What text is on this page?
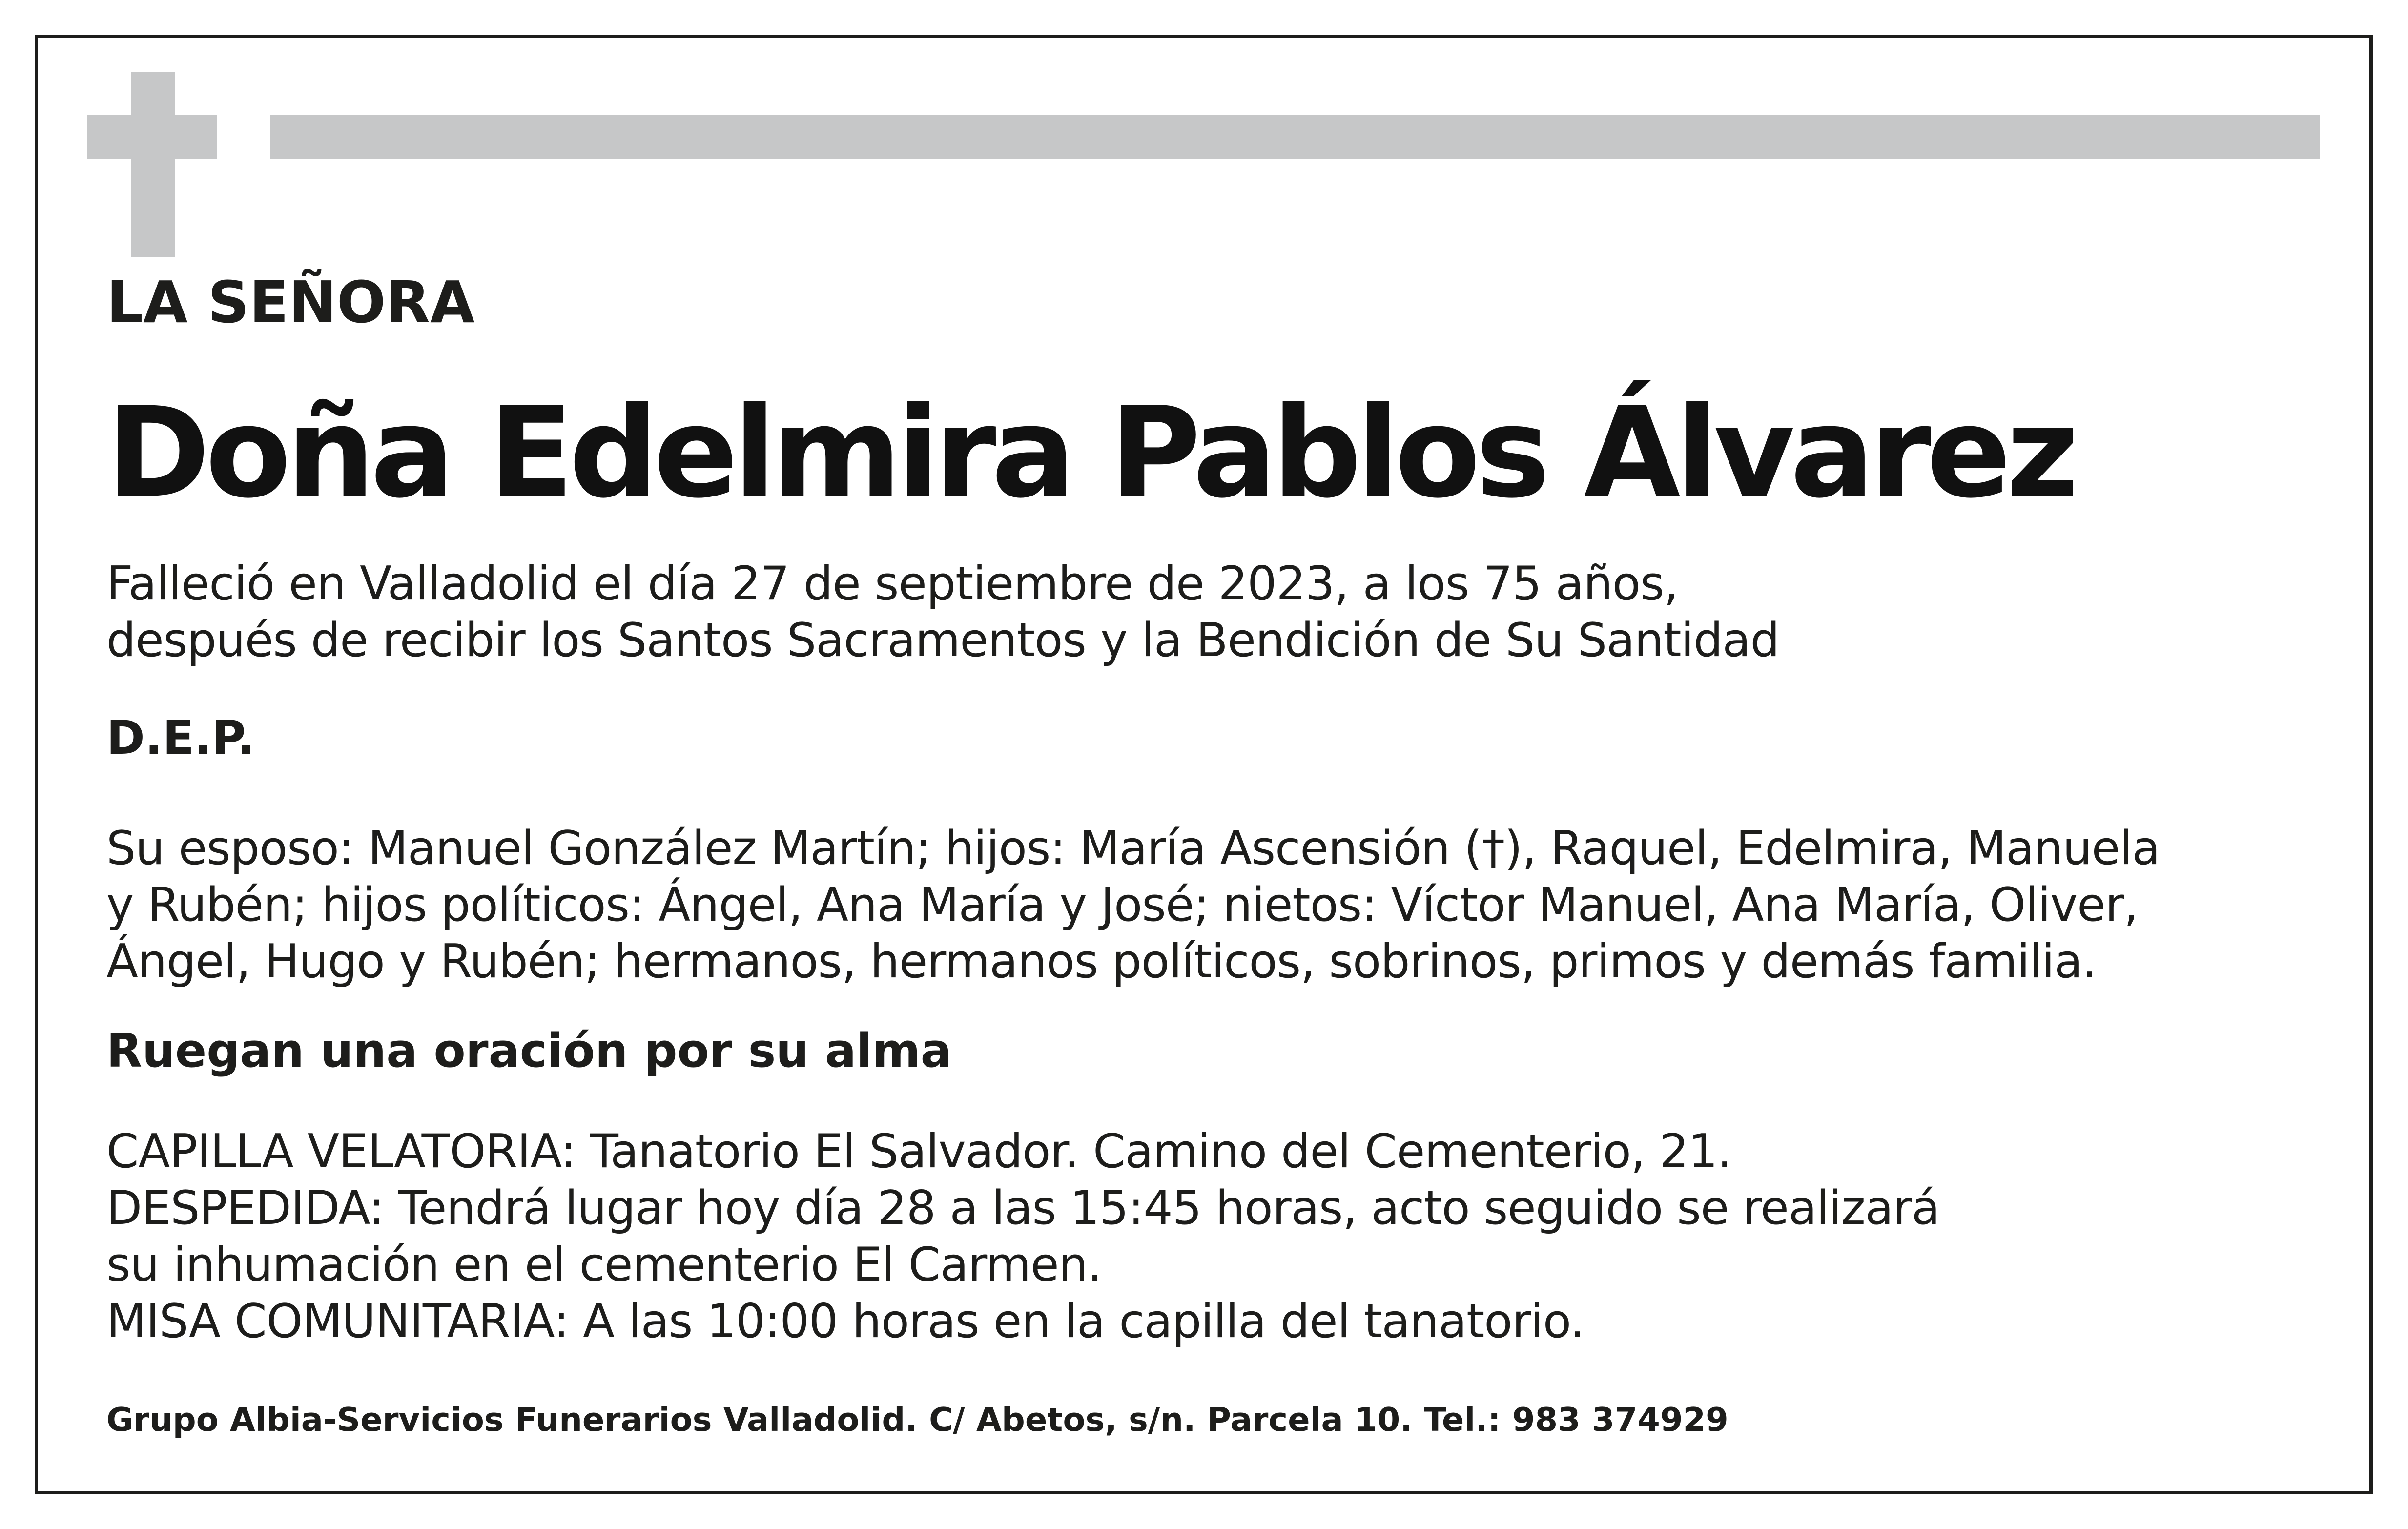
LA SEÑORA
Doña Edelmira Pablos Álvarez
Falleció en Valladolid el día 27 de septiembre de 2023, a los 75 años,
después de recibir los Santos Sacramentos y la Bendición de Su Santidad
D.E.P.
Su esposo: Manuel González Martín; hijos: María Ascensión (†), Raquel, Edelmira, Manuela
y Rubén; hijos políticos: Ángel, Ana María y José; nietos: Víctor Manuel, Ana María, Oliver,
Ángel, Hugo y Rubén; hermanos, hermanos políticos, sobrinos, primos y demás familia.
Ruegan una oración por su alma
CAPILLA VELATORIA: Tanatorio El Salvador. Camino del Cementerio, 21.
DESPEDIDA: Tendrá lugar hoy día 28 a las 15:45 horas, acto seguido se realizará
su inhumación en el cementerio El Carmen.
MISA COMUNITARIA: A las 10:00 horas en la capilla del tanatorio.
Grupo Albia-Servicios Funerarios Valladolid. C/ Abetos, s/n. Parcela 10. Tel.: 983 374929
